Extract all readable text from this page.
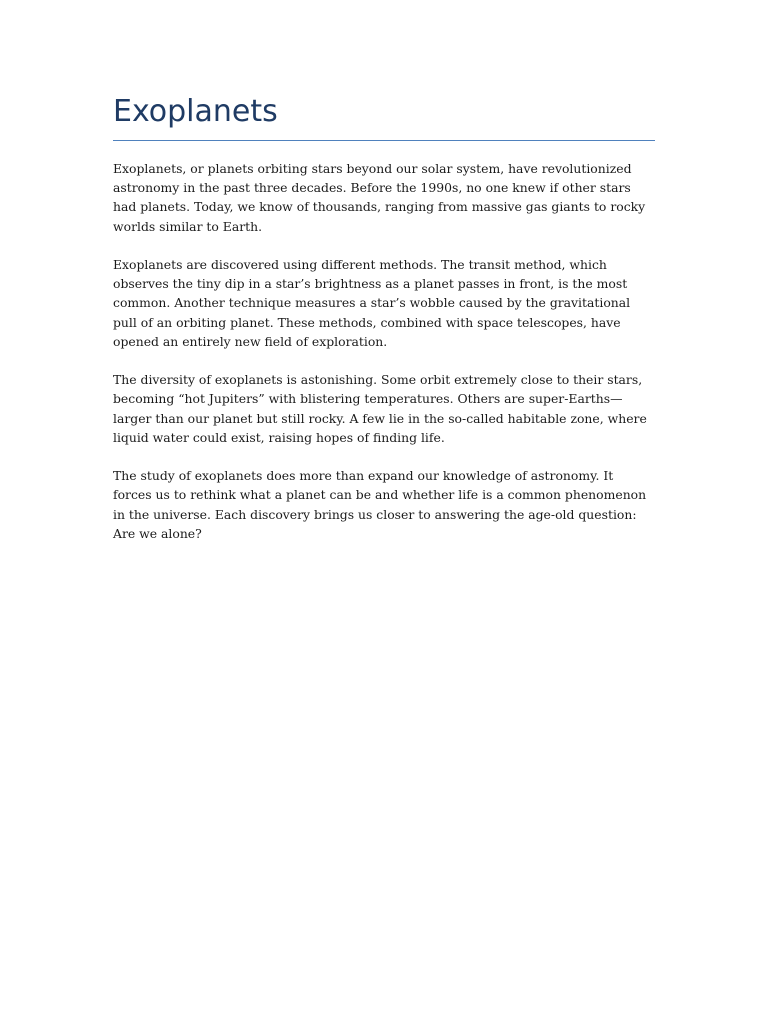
Exoplanets

Exoplanets, or planets orbiting stars beyond our solar system, have revolutionized astronomy in the past three decades. Before the 1990s, no one knew if other stars had planets. Today, we know of thousands, ranging from massive gas giants to rocky worlds similar to Earth.

Exoplanets are discovered using different methods. The transit method, which observes the tiny dip in a star’s brightness as a planet passes in front, is the most common. Another technique measures a star’s wobble caused by the gravitational pull of an orbiting planet. These methods, combined with space telescopes, have opened an entirely new field of exploration.

The diversity of exoplanets is astonishing. Some orbit extremely close to their stars, becoming “hot Jupiters” with blistering temperatures. Others are super-Earths—larger than our planet but still rocky. A few lie in the so-called habitable zone, where liquid water could exist, raising hopes of finding life.

The study of exoplanets does more than expand our knowledge of astronomy. It forces us to rethink what a planet can be and whether life is a common phenomenon in the universe. Each discovery brings us closer to answering the age-old question: Are we alone?
